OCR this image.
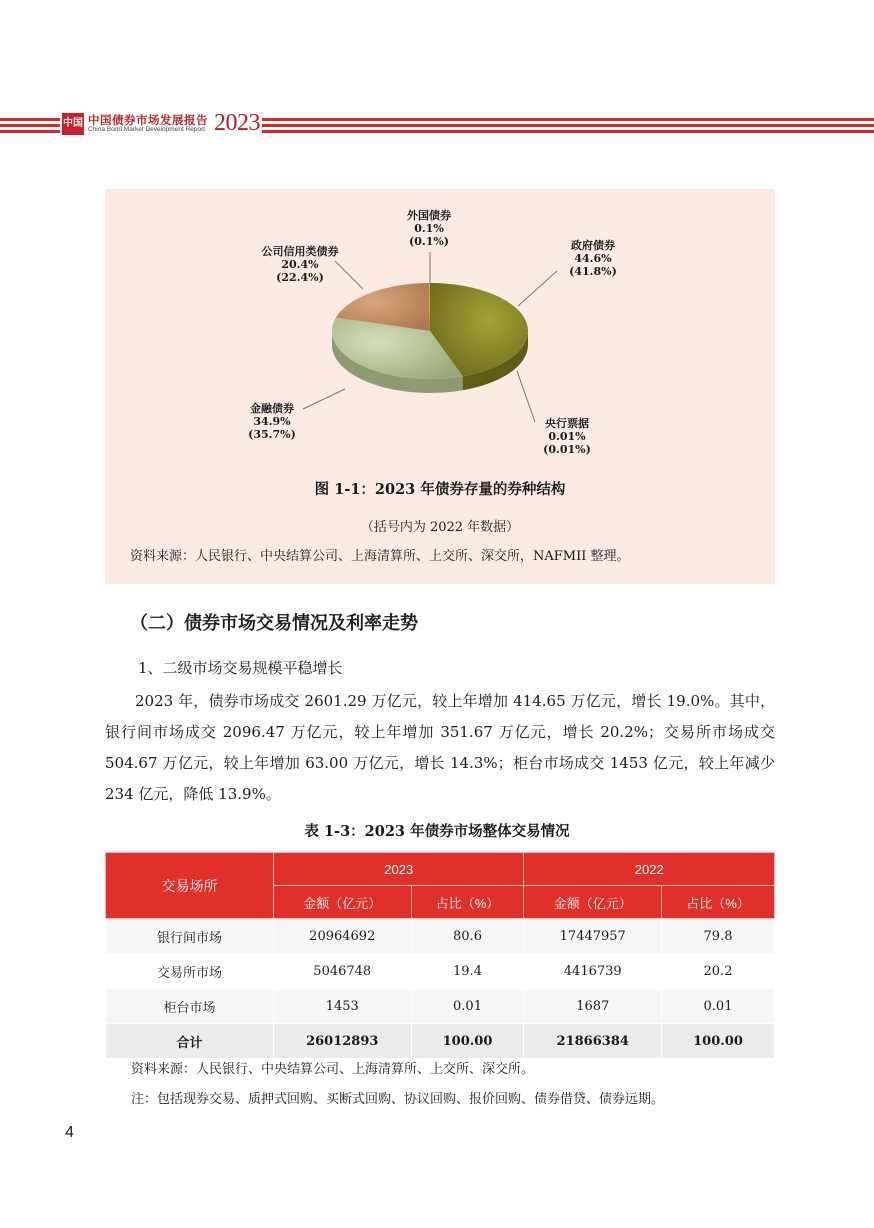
中国 中国债券市场发展报告
China Bond Market Development Report 2023
外国债券
0.1%
(0.1%)	政府债券
44.6%
(41.8%)
公司信用类债券
20.4%
(22.4%)
金融债券
34.9%
(35.7%)
央行票据
0.01%
(0.01%)
图 1-1：2023 年债券存量的券种结构
（括号内为 2022 年数据）
资料来源：人民银行、中央结算公司、上海清算所、上交所、深交所，NAFMII 整理。
（二）债券市场交易情况及利率走势
1、二级市场交易规模平稳增长
2023 年，债券市场成交 2601.29 万亿元，较上年增加 414.65 万亿元，增长 19.0%。其中，银行间市场成交 2096.47 万亿元，较上年增加 351.67 万亿元，增长 20.2%；交易所市场成交 504.67 万亿元，较上年增加 63.00 万亿元，增长 14.3%；柜台市场成交 1453 亿元，较上年减少 234 亿元，降低 13.9%。
表 1-3：2023 年债券市场整体交易情况
交易场所	2023		2022	
	金额（亿元）	占比（%）	金额（亿元）	占比（%）
银行间市场	20964692	80.6	17447957	79.8
交易所市场	5046748	19.4	4416739	20.2
柜台市场	1453	0.01	1687	0.01
合计	26012893	100.00	21866384	100.00
资料来源：人民银行、中央结算公司、上海清算所、上交所、深交所。
注：包括现券交易、质押式回购、买断式回购、协议回购、报价回购、债券借贷、债券远期。
4
